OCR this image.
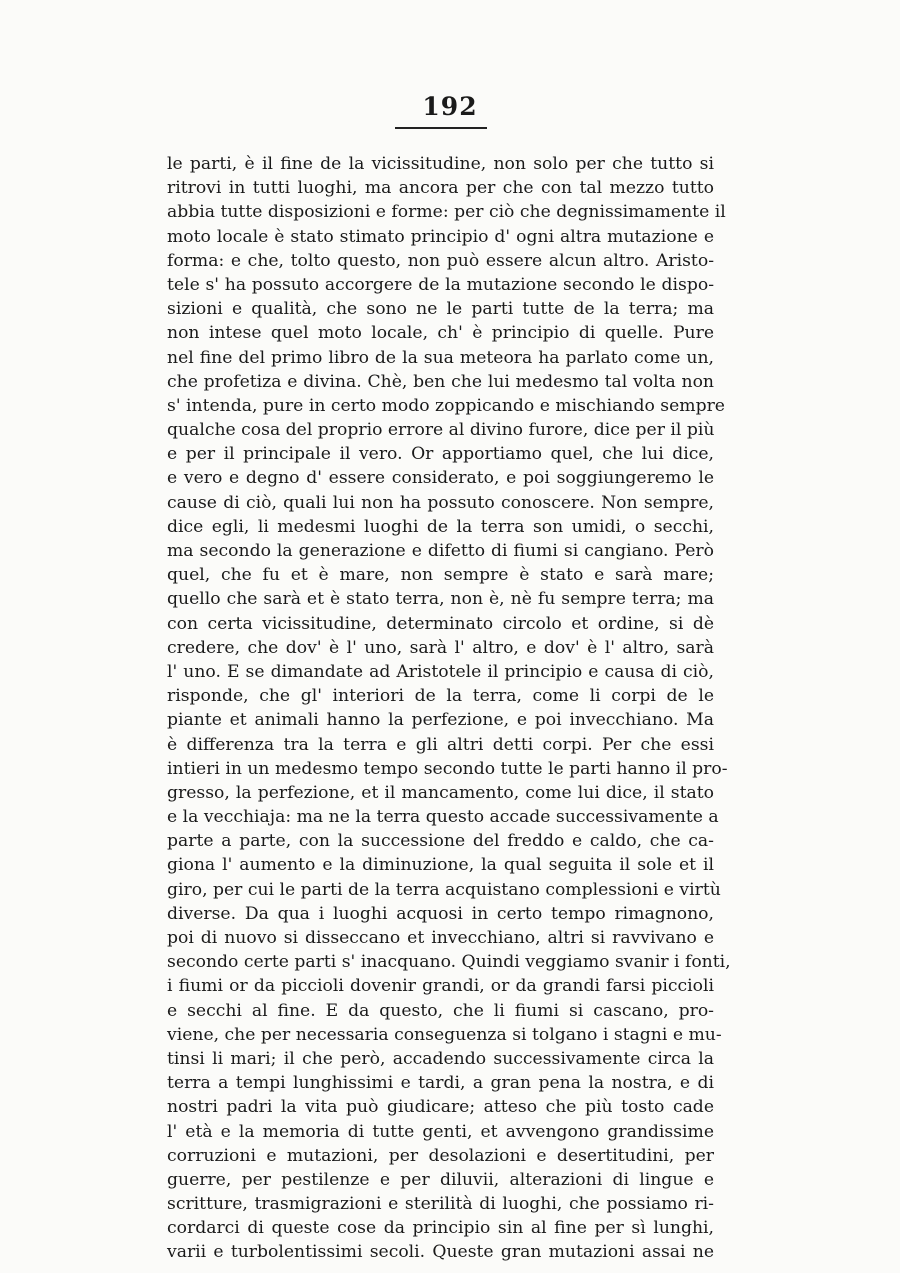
192
le parti, è il fine de la vicissitudine, non solo per che tutto si
ritrovi in tutti luoghi, ma ancora per che con tal mezzo tutto
abbia tutte disposizioni e forme: per ciò che degnissimamente il
moto locale è stato stimato principio d' ogni altra mutazione e
forma: e che, tolto questo, non può essere alcun altro. Aristo-
tele s' ha possuto accorgere de la mutazione secondo le dispo-
sizioni e qualità, che sono ne le parti tutte de la terra; ma
non intese quel moto locale, ch' è principio di quelle. Pure
nel fine del primo libro de la sua meteora ha parlato come un,
che profetiza e divina. Chè, ben che lui medesmo tal volta non
s' intenda, pure in certo modo zoppicando e mischiando sempre
qualche cosa del proprio errore al divino furore, dice per il più
e per il principale il vero. Or apportiamo quel, che lui dice,
e vero e degno d' essere considerato, e poi soggiungeremo le
cause di ciò, quali lui non ha possuto conoscere. Non sempre,
dice egli, li medesmi luoghi de la terra son umidi, o secchi,
ma secondo la generazione e difetto di fiumi si cangiano. Però
quel, che fu et è mare, non sempre è stato e sarà mare;
quello che sarà et è stato terra, non è, nè fu sempre terra; ma
con certa vicissitudine, determinato circolo et ordine, si dè
credere, che dov' è l' uno, sarà l' altro, e dov' è l' altro, sarà
l' uno. E se dimandate ad Aristotele il principio e causa di ciò,
risponde, che gl' interiori de la terra, come li corpi de le
piante et animali hanno la perfezione, e poi invecchiano. Ma
è differenza tra la terra e gli altri detti corpi. Per che essi
intieri in un medesmo tempo secondo tutte le parti hanno il pro-
gresso, la perfezione, et il mancamento, come lui dice, il stato
e la vecchiaja: ma ne la terra questo accade successivamente a
parte a parte, con la successione del freddo e caldo, che ca-
giona l' aumento e la diminuzione, la qual seguita il sole et il
giro, per cui le parti de la terra acquistano complessioni e virtù
diverse. Da qua i luoghi acquosi in certo tempo rimagnono,
poi di nuovo si disseccano et invecchiano, altri si ravvivano e
secondo certe parti s' inacquano. Quindi veggiamo svanir i fonti,
i fiumi or da piccioli dovenir grandi, or da grandi farsi piccioli
e secchi al fine. E da questo, che li fiumi si cascano, pro-
viene, che per necessaria conseguenza si tolgano i stagni e mu-
tinsi li mari; il che però, accadendo successivamente circa la
terra a tempi lunghissimi e tardi, a gran pena la nostra, e di
nostri padri la vita può giudicare; atteso che più tosto cade
l' età e la memoria di tutte genti, et avvengono grandissime
corruzioni e mutazioni, per desolazioni e desertitudini, per
guerre, per pestilenze e per diluvii, alterazioni di lingue e
scritture, trasmigrazioni e sterilità di luoghi, che possiamo ri-
cordarci di queste cose da principio sin al fine per sì lunghi,
varii e turbolentissimi secoli. Queste gran mutazioni assai ne
